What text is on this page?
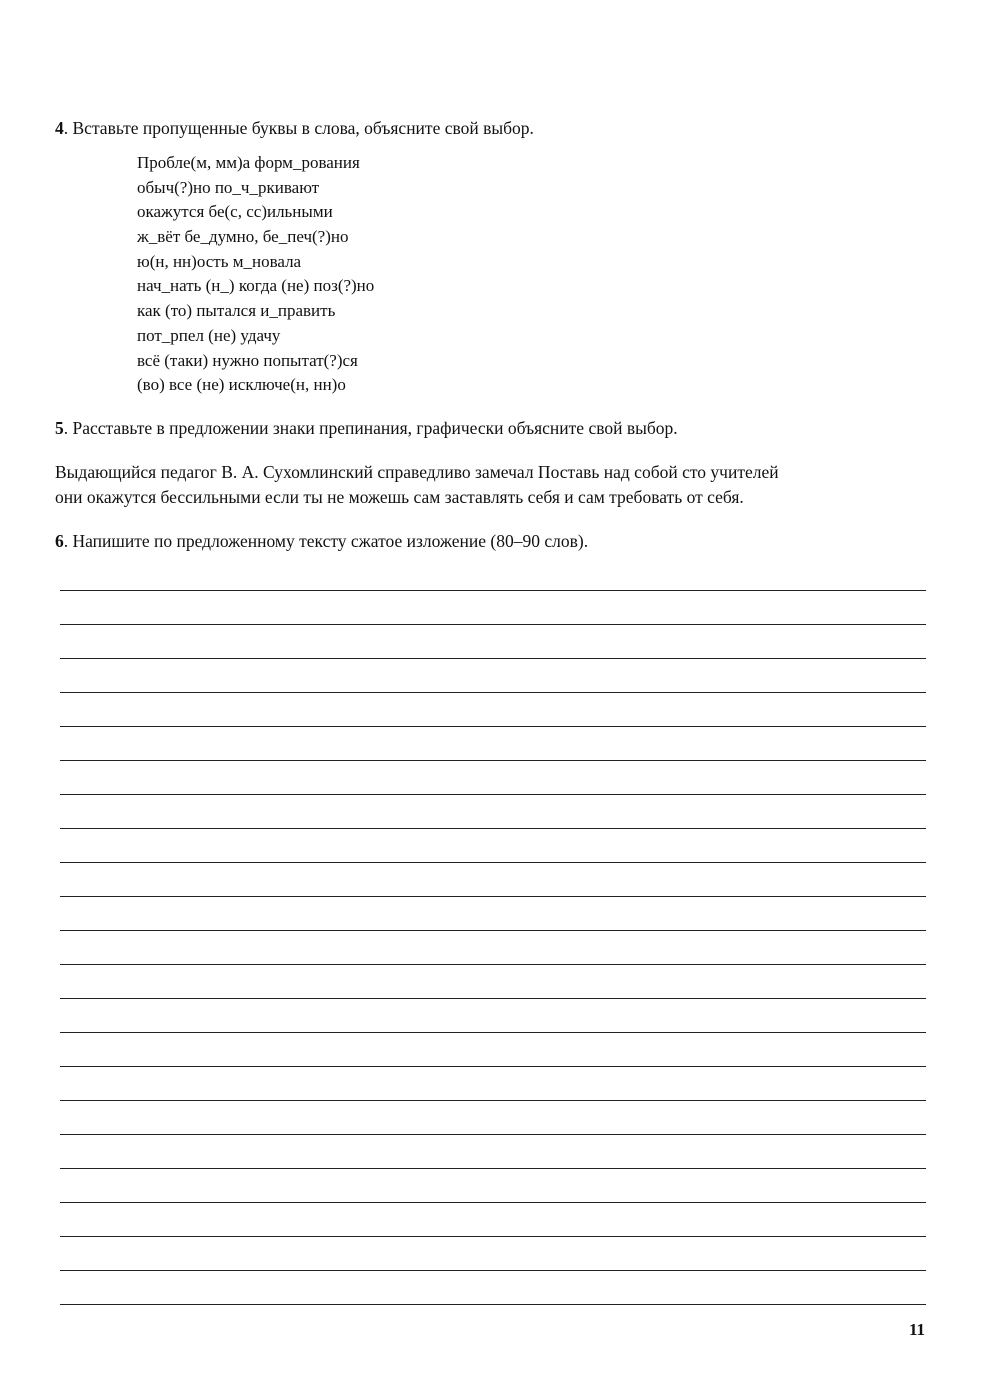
4. Вставьте пропущенные буквы в слова, объясните свой выбор.
Пробле(м, мм)а форм_рования
обыч(?)но по_ч_ркивают
окажутся бе(с, сс)ильными
ж_вёт бе_думно, бе_печ(?)но
ю(н, нн)ость м_новала
нач_нать (н_) когда (не) поз(?)но
как (то) пытался и_править
пот_рпел (не) удачу
всё (таки) нужно попытат(?)ся
(во) все (не) исключе(н, нн)о
5. Расставьте в предложении знаки препинания, графически объясните свой выбор.
Выдающийся педагог В. А. Сухомлинский справедливо замечал Поставь над собой сто учителей
они окажутся бессильными если ты не можешь сам заставлять себя и сам требовать от себя.
6. Напишите по предложенному тексту сжатое изложение (80–90 слов).
11
